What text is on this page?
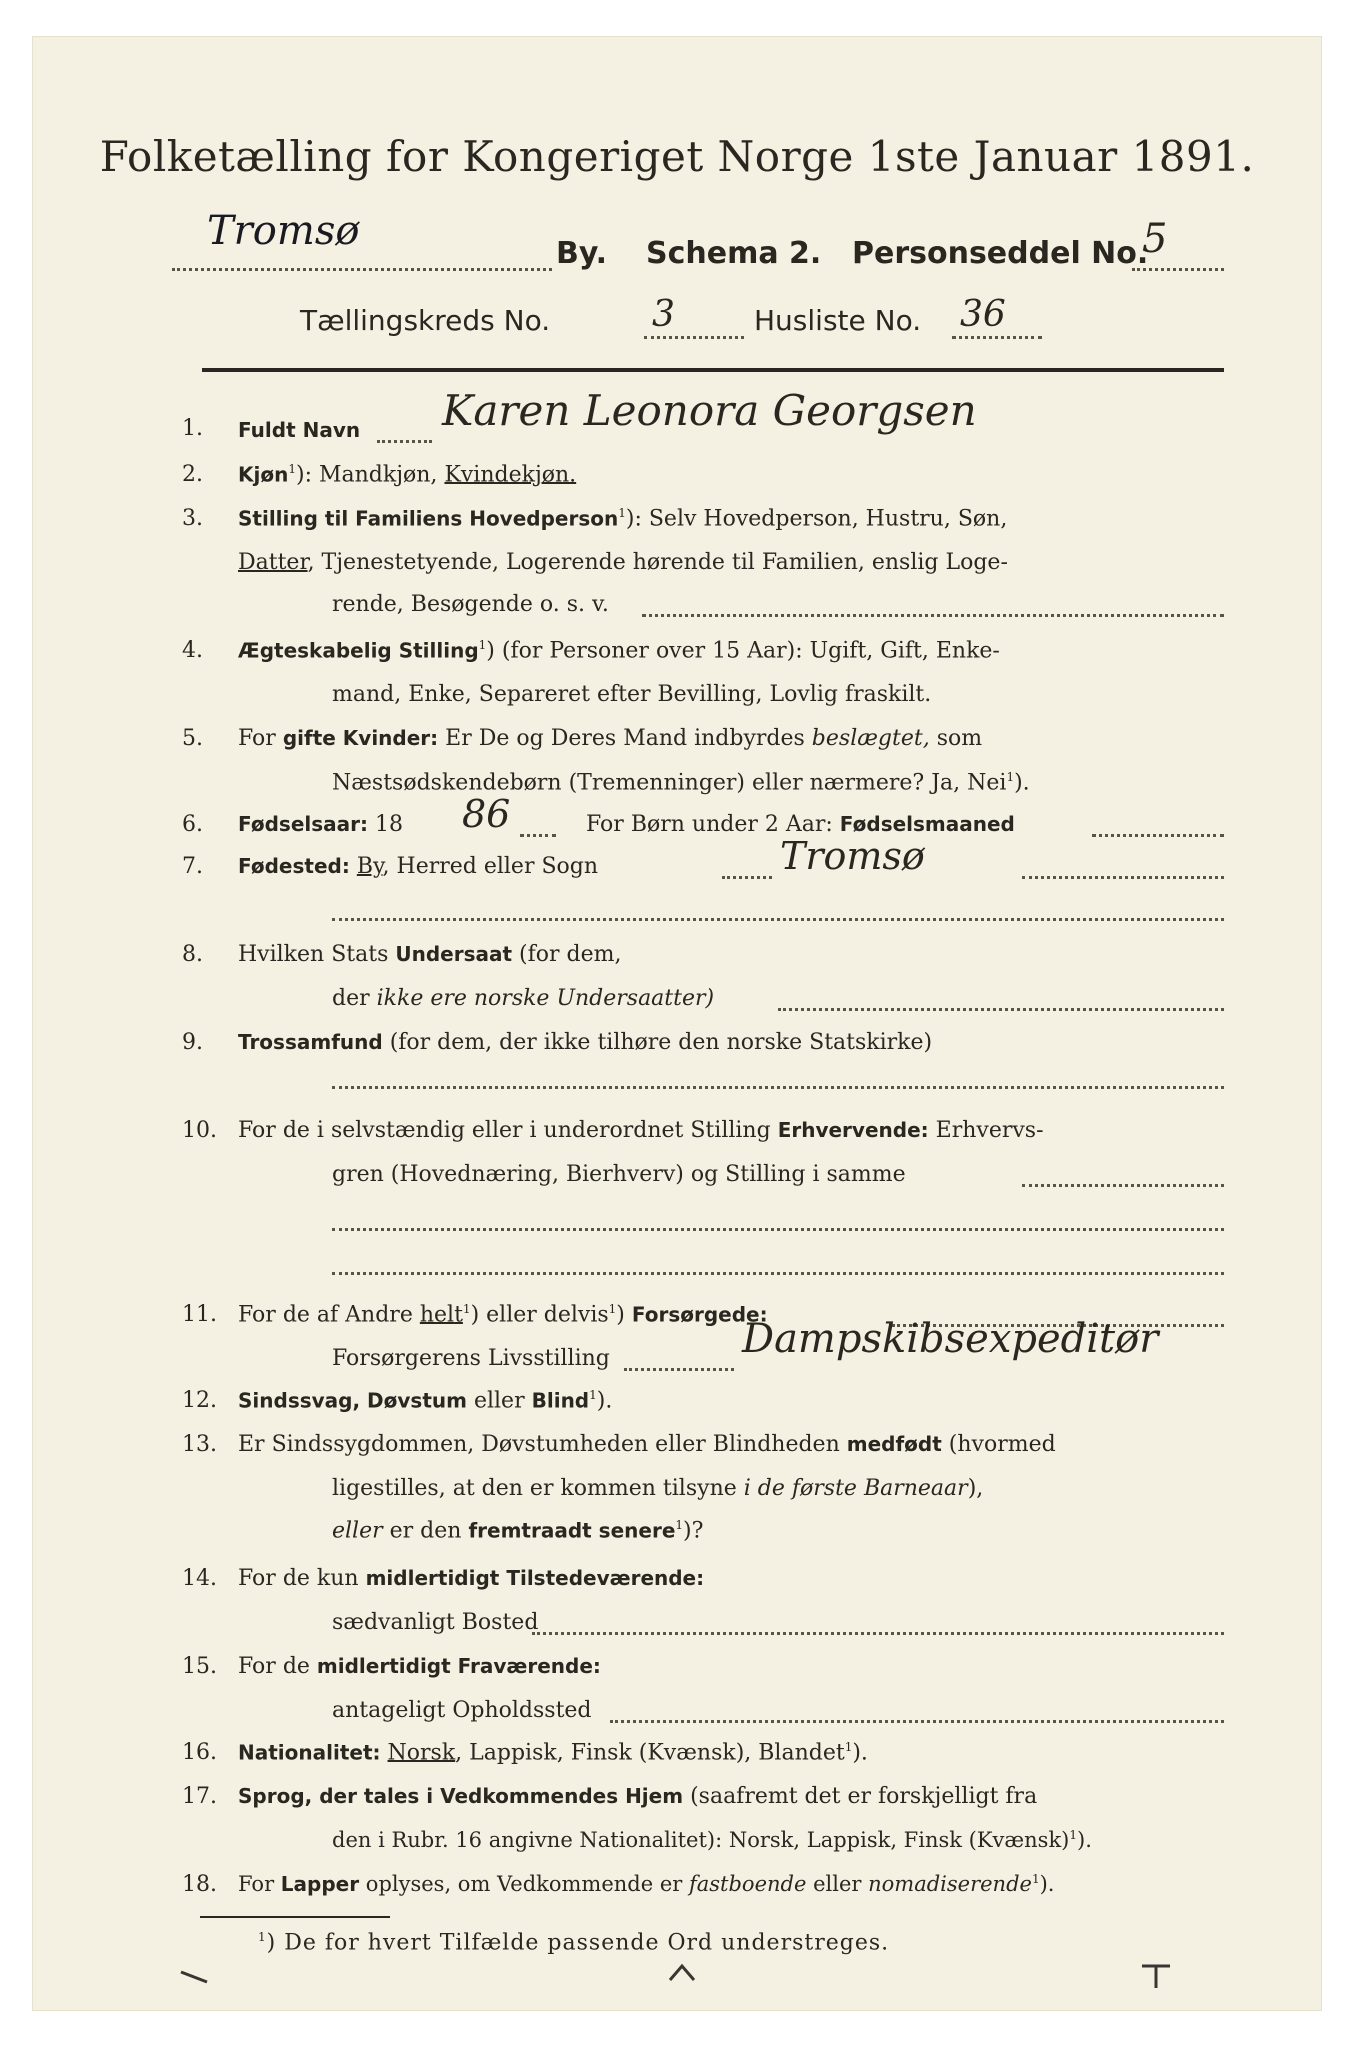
Folketælling for Kongeriget Norge 1ste Januar 1891.
Tromsø	By. Schema 2. Personseddel No.
5
Tællingskreds No.	3	Husliste No. 36
1. Fuldt Navn Karen Leonora Georgsen
2. Kjøn$^1$): Mandkjøn, Kvindekjøn.
3. Stilling til Familiens Hovedperson$^1$): Selv Hovedperson, Hustru, Søn,
Datter, Tjenestetyende, Logerende hørende til Familien, enslig Loge-
rende, Besøgende o. s. v.
4. Ægteskabelig Stilling$^1$) (for Personer over 15 Aar): Ugift, Gift, Enke-
mand, Enke, Separeret efter Bevilling, Lovlig fraskilt.
5. For gifte Kvinder: Er De og Deres Mand indbyrdes beslægtet, som
Næstsødskendebørn (Tremenninger) eller nærmere? Ja, Nei$^1$).
6. Fødselsaar: 18 86	For Børn under 2 Aar: Fødselsmaaned
7. Fødested: By, Herred eller Sogn	Tromsø
8. Hvilken Stats Undersaat (for dem,
der ikke ere norske Undersaatter)
9. Trossamfund (for dem, der ikke tilhøre den norske Statskirke)
10. For de i selvstændig eller i underordnet Stilling Erhvervende: Erhvervs-
gren (Hovednæring, Bierhverv) og Stilling i samme
11. For de af Andre helt$^1$) eller delvis$^1$) Forsørgede:
Forsørgerens Livsstilling	Dampskibsexpeditør
12. Sindssvag, Døvstum eller Blind$^1$).
13. Er Sindssygdommen, Døvstumheden eller Blindheden medfødt (hvormed
ligestilles, at den er kommen tilsyne i de første Barneaar),
eller er den fremtraadt senere$^1$)?
14. For de kun midlertidigt Tilstedeværende:
sædvanligt Bosted
15. For de midlertidigt Fraværende:
antageligt Opholdssted
16. Nationalitet: Norsk, Lappisk, Finsk (Kvænsk), Blandet$^1$).
17. Sprog, der tales i Vedkommendes Hjem (saafremt det er forskjelligt fra
den i Rubr. 16 angivne Nationalitet): Norsk, Lappisk, Finsk (Kvænsk)$^1$).
18. For Lapper oplyses, om Vedkommende er fastboende eller nomadiserende$^1$).
$^1$) De for hvert Tilfælde passende Ord understreges.
